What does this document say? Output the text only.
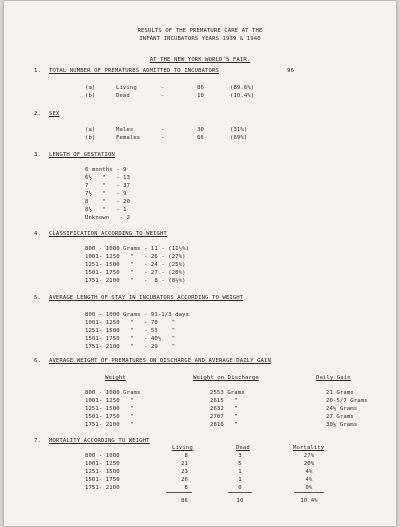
RESULTS OF THE PREMATURE CARE AT THE
INFANT INCUBATORS YEARS 1939 & 1940
AT THE NEW YORK WORLD'S FAIR.
1. TOTAL NUMBER OF PREMATURES ADMITTED TO INCUBATORS	96
(a)	Living	-	86	(89.6%)
(b)	Dead	-	10	(10.4%)
2. SEX
(a)	Males	-	30	(31%)
(b)	Females	-	66	(69%)
3. LENGTH OF GESTATION
6 months - 9
6½   "   - 13
7    "   - 37
7½   "   - 9
8    "   - 20
8½   "   - 1
Unknown   - 2
4. CLASSIFICATION ACCORDING TO WEIGHT
800 - 1000 Grams - 11 - (11½%)
1001- 1250   "   - 26 - (27%)
1251- 1500   "   - 24 - (25%)
1501- 1750   "   - 27 - (28%)
1751- 2100   "   -  8 - (8½%)
5. AVERAGE LENGTH OF STAY IN INCUBATORS ACCORDING TO WEIGHT
800 - 1000 Grams - 91-1/3 days
1001- 1250   "   - 70    "
1251- 1500   "   - 53    "
1501- 1750   "   - 40½   "
1751- 2100   "   - 29    "
6. AVERAGE WEIGHT OF PREMATURES ON DISCHARGE AND AVERAGE DAILY GAIN
Weight	Weight on Discharge	Daily Gain
800 - 1000 Grams	2553 Grams	21 Grams
1001- 1250   "	2615   "	20-5/7 Grams
1251- 1500   "	2632   "	24½ Grams
1501- 1750   "	2707   "	27 Grams
1751- 2100   "	2816   "	30½ Grams
7. MORTALITY ACCORDING TO WEIGHT
Living	Dead	Mortality
800 - 1000	8	3	27%
1001- 1250	21	5	20%
1251- 1500	23	1	4%
1501- 1750	26	1	4%
1751- 2100	8	0	0%
86	10	10.4%
